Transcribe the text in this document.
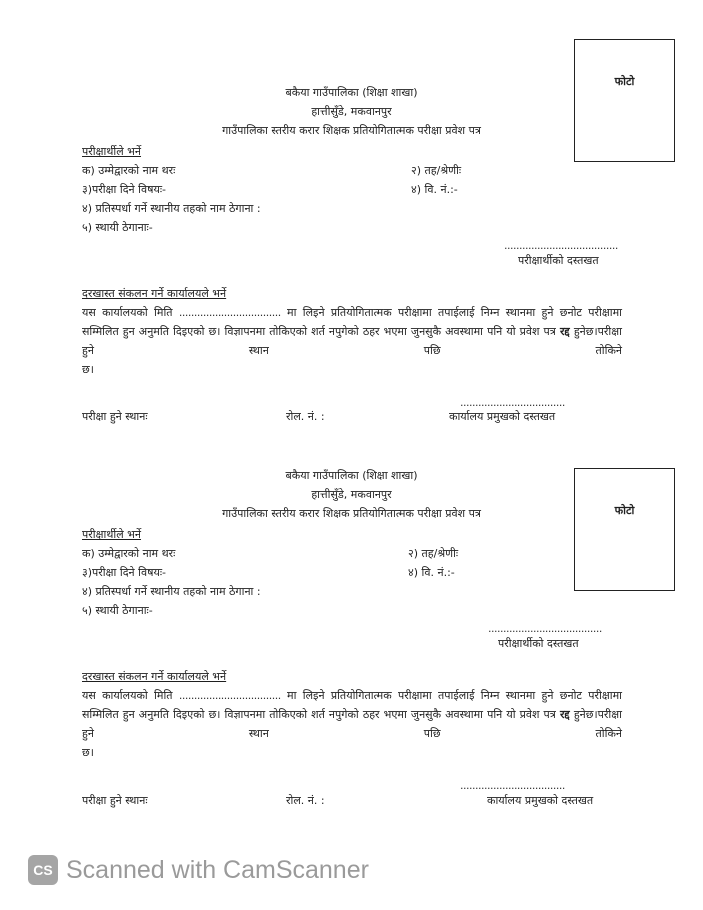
फोटो
बकैया गाउँपालिका (शिक्षा शाखा)
हात्तीसुँडे, मकवानपुर
गाउँपालिका स्तरीय करार शिक्षक प्रतियोगितात्मक परीक्षा प्रवेश पत्र
परीक्षार्थीले भर्ने
क) उम्मेद्वारको नाम थरः	२) तह/श्रेणीः
३)परीक्षा दिने विषयः-	४) वि. नं.:-
४) प्रतिस्पर्धा गर्ने स्थानीय तहको नाम ठेगाना :
५) स्थायी ठेगानाः-
......................................
परीक्षार्थीको दस्तखत
दरखास्त संकलन गर्ने कार्यालयले भर्ने
यस कार्यालयको मिति .................................. मा लिइने प्रतियोगितात्मक परीक्षामा तपाईलाई निम्न स्थानमा हुने छनोट परीक्षामा सम्मिलित हुन अनुमति दिइएको छ। विज्ञापनमा तोकिएको शर्त नपुगेको ठहर भएमा जुनसुकै अवस्थामा पनि यो प्रवेश पत्र रद्द हुनेछ।परीक्षा हुने स्थान पछि तोकिने
छ।
...................................
परीक्षा हुने स्थानः	रोल. नं. :	कार्यालय प्रमुखको दस्तखत
फोटो
बकैया गाउँपालिका (शिक्षा शाखा)
हात्तीसुँडे, मकवानपुर
गाउँपालिका स्तरीय करार शिक्षक प्रतियोगितात्मक परीक्षा प्रवेश पत्र
परीक्षार्थीले भर्ने
क) उम्मेद्वारको नाम थरः	२) तह/श्रेणीः
३)परीक्षा दिने विषयः-	४) वि. नं.:-
४) प्रतिस्पर्धा गर्ने स्थानीय तहको नाम ठेगाना :
५) स्थायी ठेगानाः-
......................................
परीक्षार्थीको दस्तखत
दरखास्त संकलन गर्ने कार्यालयले भर्ने
यस कार्यालयको मिति .................................. मा लिइने प्रतियोगितात्मक परीक्षामा तपाईलाई निम्न स्थानमा हुने छनोट परीक्षामा सम्मिलित हुन अनुमति दिइएको छ। विज्ञापनमा तोकिएको शर्त नपुगेको ठहर भएमा जुनसुकै अवस्थामा पनि यो प्रवेश पत्र रद्द हुनेछ।परीक्षा हुने स्थान पछि तोकिने
छ।
...................................
परीक्षा हुने स्थानः	रोल. नं. :	कार्यालय प्रमुखको दस्तखत
CS Scanned with CamScanner
